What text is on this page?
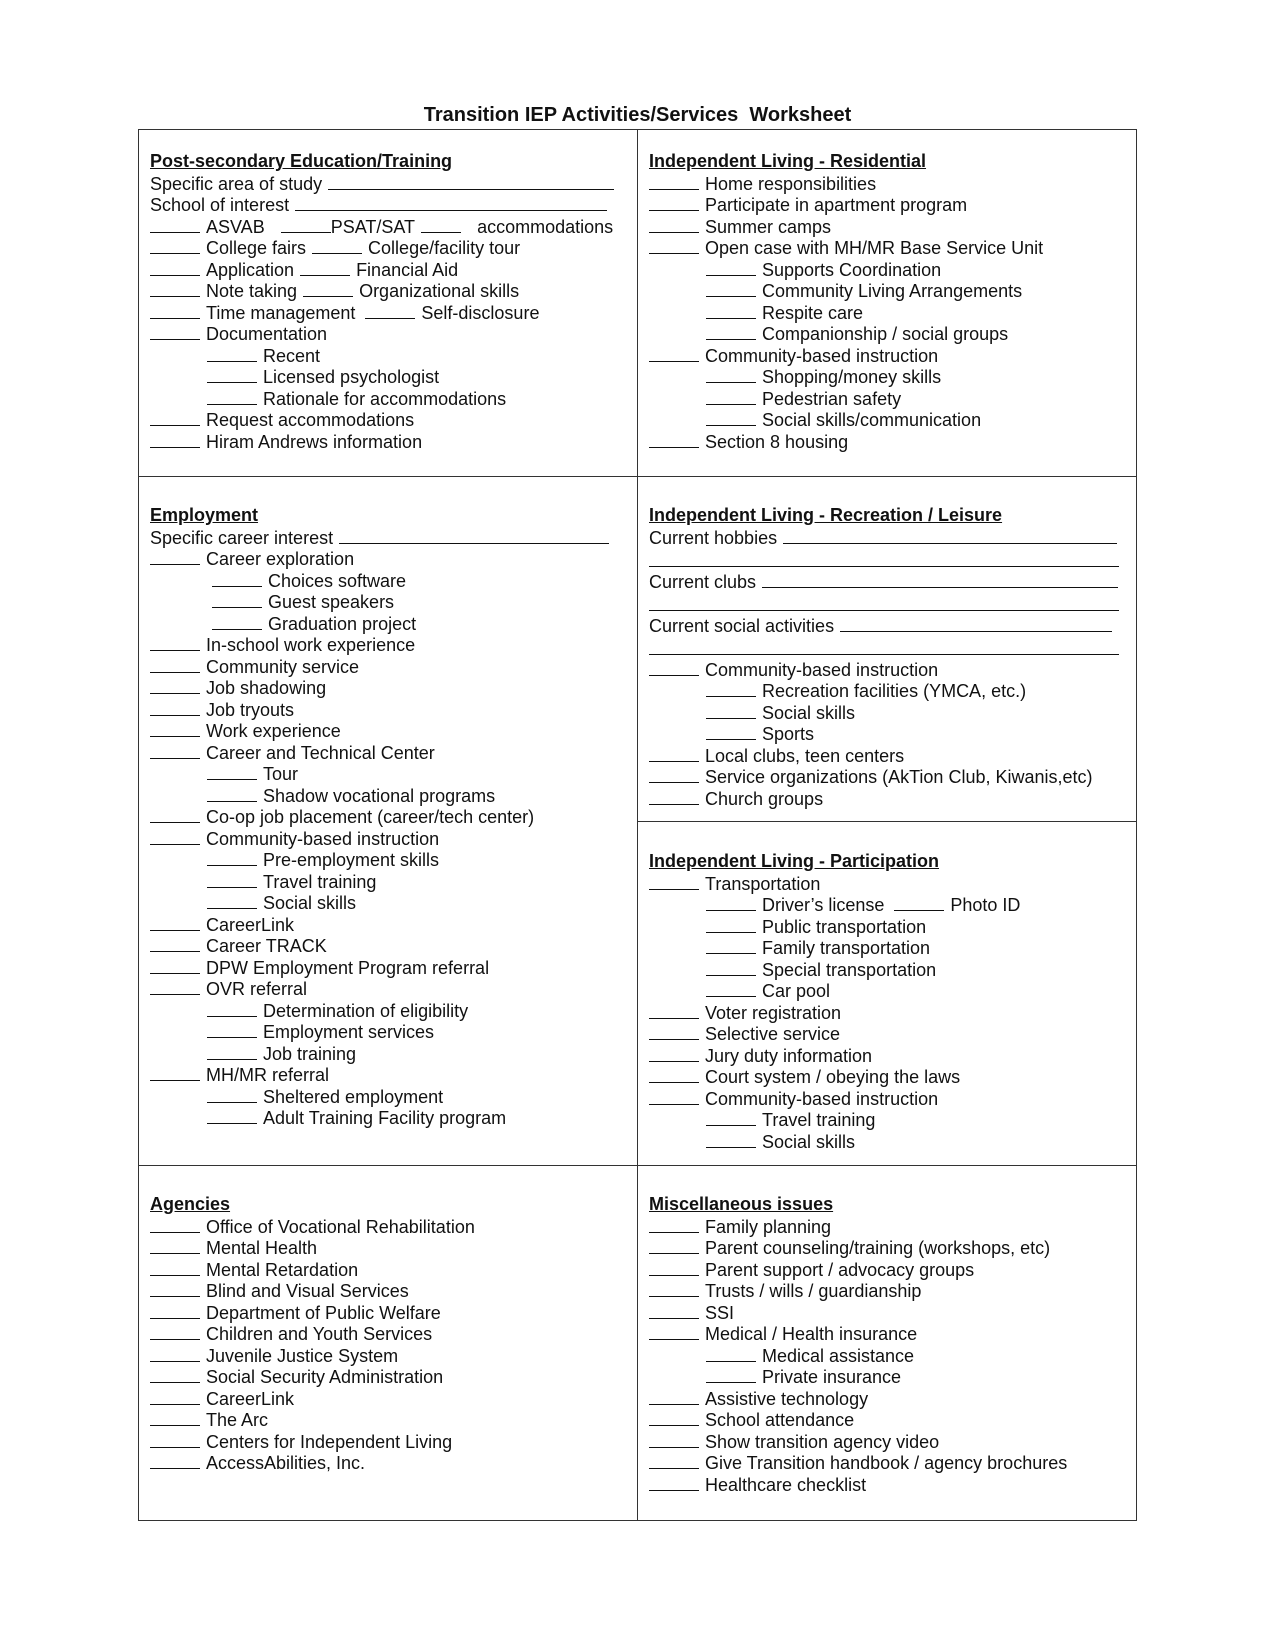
Transition IEP Activities/Services  Worksheet
Post-secondary Education/Training
Specific area of study
School of interest
ASVAB	PSAT/SAT	accommodations
College fairs	College/facility tour
Application	Financial Aid
Note taking	Organizational skills
Time management	Self-disclosure
Documentation
Recent
Licensed psychologist
Rationale for accommodations
Request accommodations
Hiram Andrews information
Independent Living - Residential
Home responsibilities
Participate in apartment program
Summer camps
Open case with MH/MR Base Service Unit
Supports Coordination
Community Living Arrangements
Respite care
Companionship / social groups
Community-based instruction
Shopping/money skills
Pedestrian safety
Social skills/communication
Section 8 housing
Employment
Specific career interest
Career exploration
Choices software
Guest speakers
Graduation project
In-school work experience
Community service
Job shadowing
Job tryouts
Work experience
Career and Technical Center
Tour
Shadow vocational programs
Co-op job placement (career/tech center)
Community-based instruction
Pre-employment skills
Travel training
Social skills
CareerLink
Career TRACK
DPW Employment Program referral
OVR referral
Determination of eligibility
Employment services
Job training
MH/MR referral
Sheltered employment
Adult Training Facility program
Independent Living - Recreation / Leisure
Current hobbies
Current clubs
Current social activities
Community-based instruction
Recreation facilities (YMCA, etc.)
Social skills
Sports
Local clubs, teen centers
Service organizations (AkTion Club, Kiwanis,etc)
Church groups
Independent Living - Participation
Transportation
Driver’s license	Photo ID
Public transportation
Family transportation
Special transportation
Car pool
Voter registration
Selective service
Jury duty information
Court system / obeying the laws
Community-based instruction
Travel training
Social skills
Agencies
Office of Vocational Rehabilitation
Mental Health
Mental Retardation
Blind and Visual Services
Department of Public Welfare
Children and Youth Services
Juvenile Justice System
Social Security Administration
CareerLink
The Arc
Centers for Independent Living
AccessAbilities, Inc.
Miscellaneous issues
Family planning
Parent counseling/training (workshops, etc)
Parent support / advocacy groups
Trusts / wills / guardianship
SSI
Medical / Health insurance
Medical assistance
Private insurance
Assistive technology
School attendance
Show transition agency video
Give Transition handbook / agency brochures
Healthcare checklist
